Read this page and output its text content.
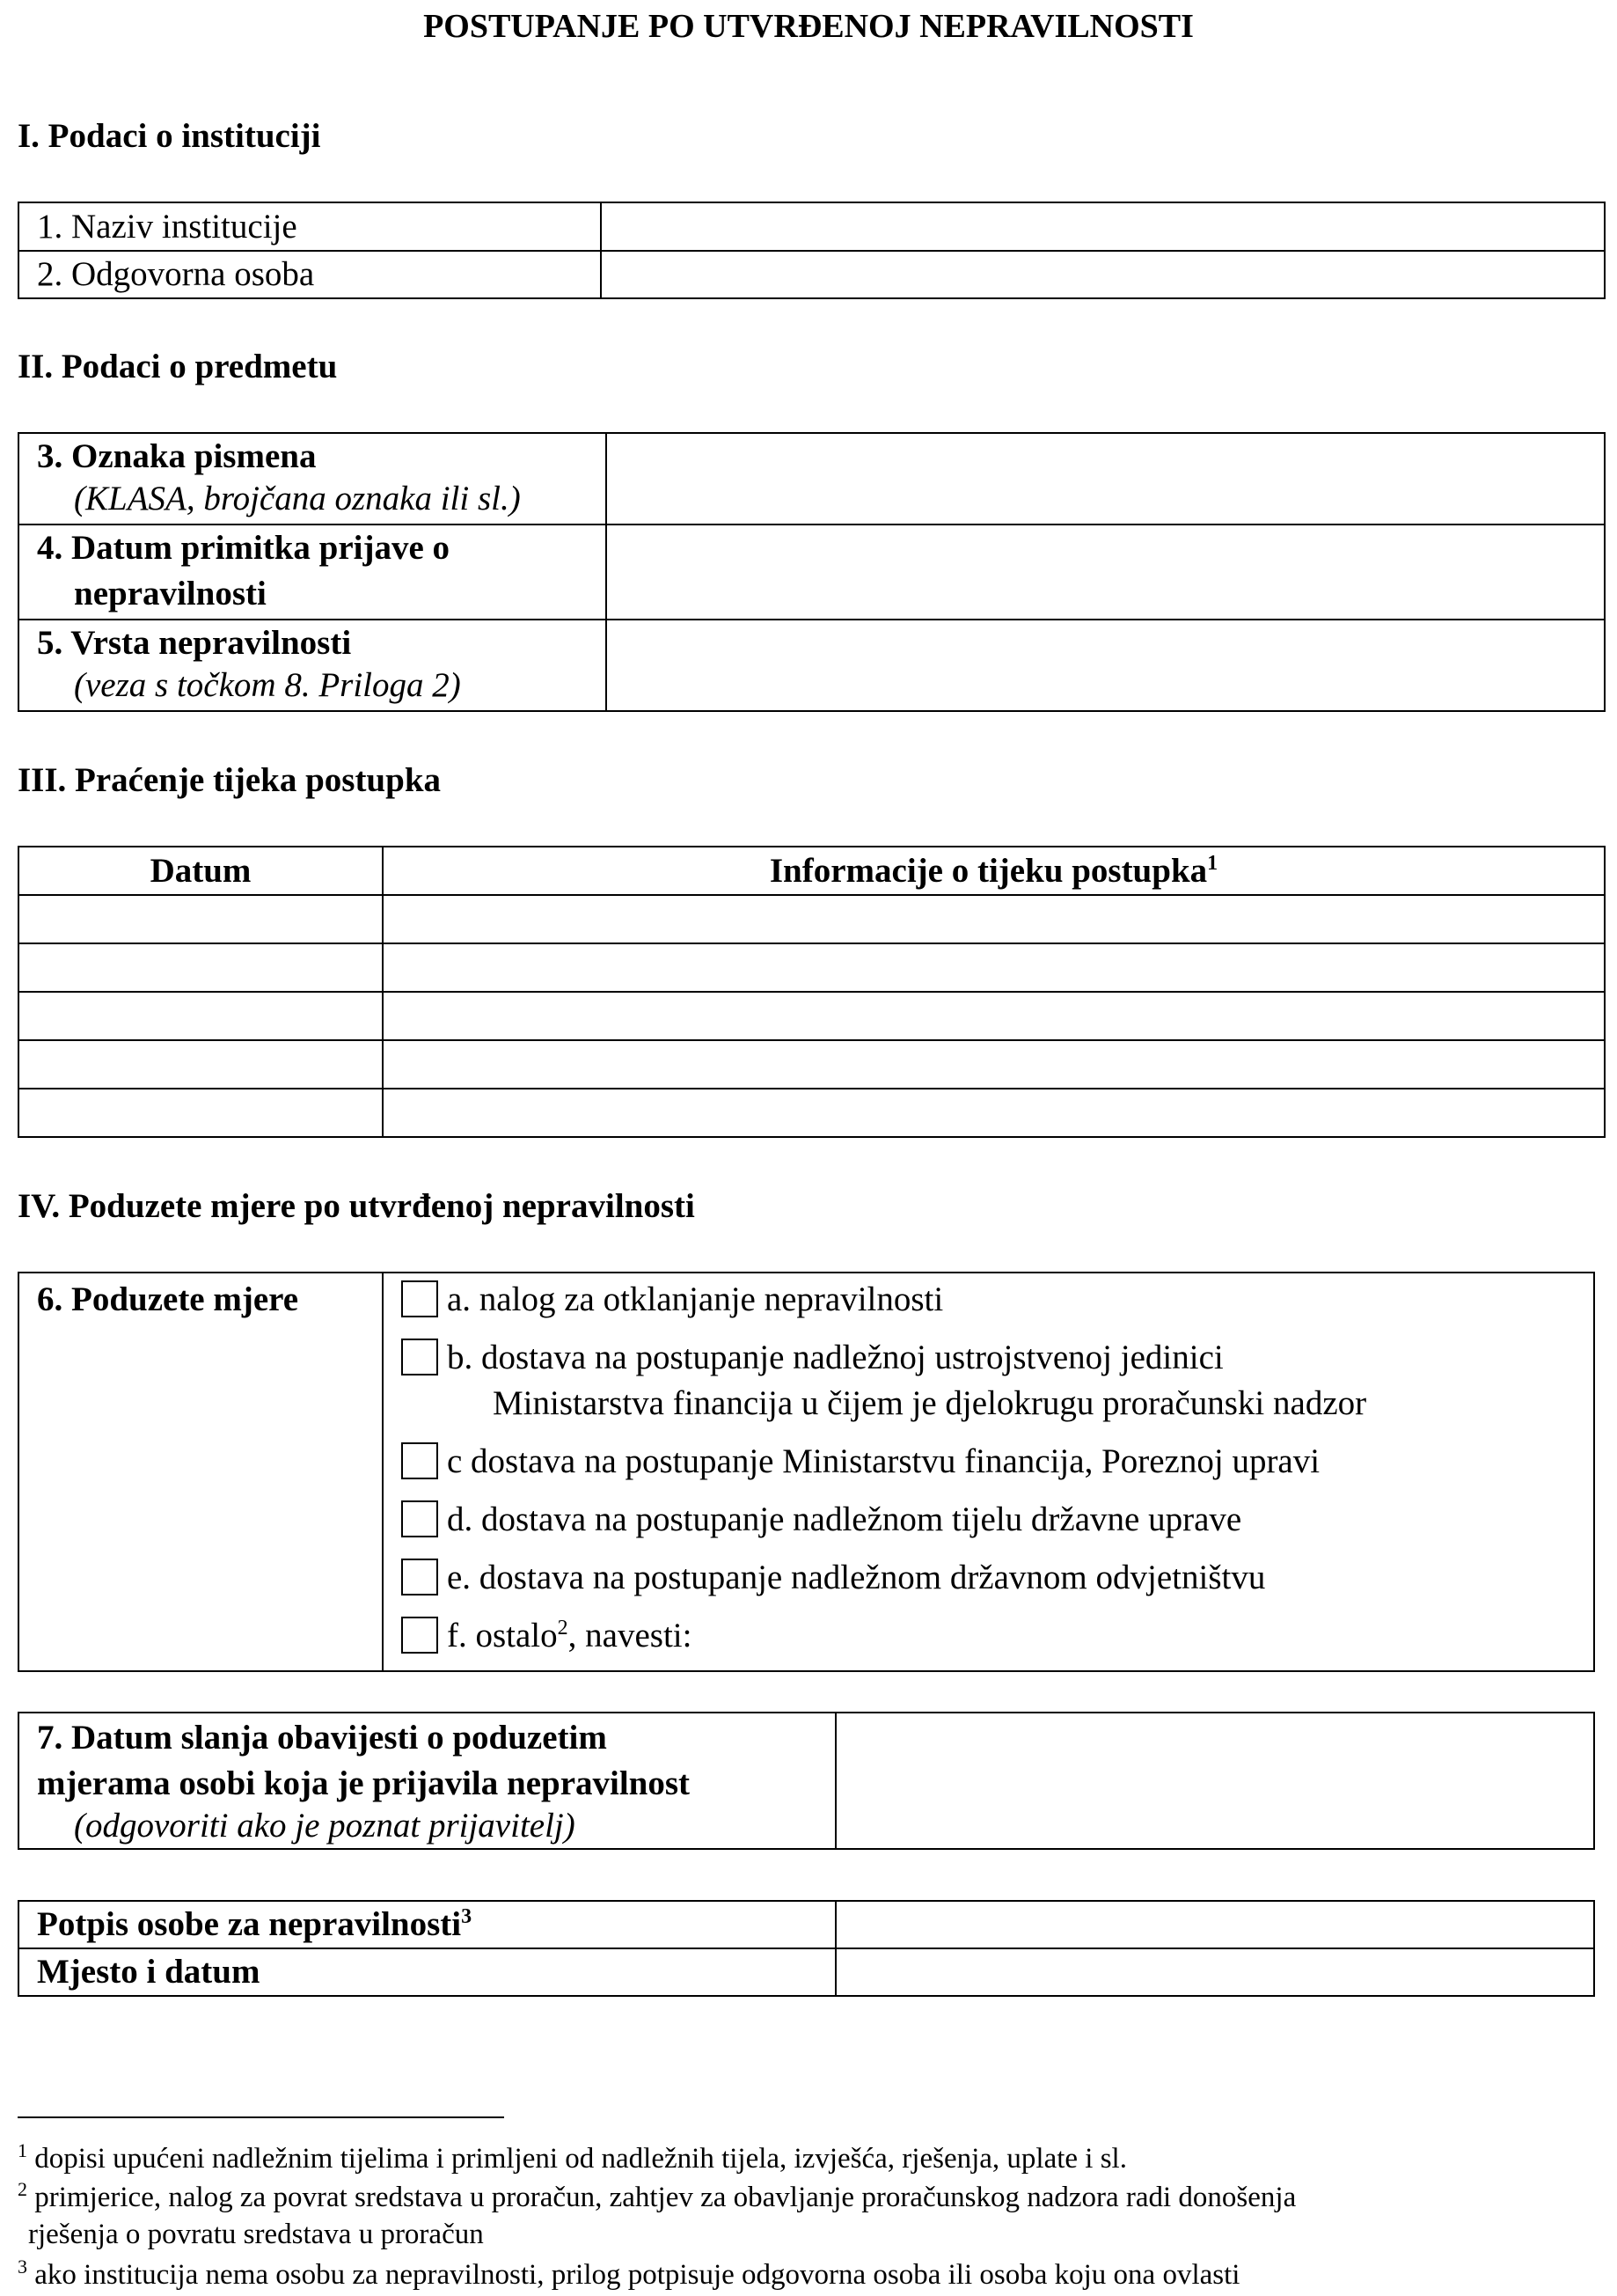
POSTUPANJE PO UTVRĐENOJ NEPRAVILNOSTI
I. Podaci o instituciji
1. Naziv institucije	
2. Odgovorna osoba	
II. Podaci o predmetu
3. Oznaka pismena
(KLASA, brojčana oznaka ili sl.)	

4. Datum primitka prijave o
nepravilnosti	

5. Vrsta nepravilnosti
(veza s točkom 8. Priloga 2)	

III. Praćenje tijeka postupka
Datum	Informacije o tijeku postupka$^1$

IV. Poduzete mjere po utvrđenoj nepravilnosti
6. Poduzete mjere	a. nalog za otklanjanje nepravilnosti
b. dostava na postupanje nadležnoj ustrojstvenoj jedinici
Ministarstva financija u čijem je djelokrugu proračunski nadzor
c dostava na postupanje Ministarstvu financija, Poreznoj upravi
d. dostava na postupanje nadležnom tijelu državne uprave
e. dostava na postupanje nadležnom državnom odvjetništvu
f. ostalo$^2$, navesti:
7. Datum slanja obavijesti o poduzetim
mjerama osobi koja je prijavila nepravilnost
(odgovoriti ako je poznat prijavitelj)

Potpis osobe za nepravilnosti$^3$	
Mjesto i datum	
$^1$ dopisi upućeni nadležnim tijelima i primljeni od nadležnih tijela, izvješća, rješenja, uplate i sl.
$^2$ primjerice, nalog za povrat sredstava u proračun, zahtjev za obavljanje proračunskog nadzora radi donošenja
rješenja o povratu sredstava u proračun
$^3$ ako institucija nema osobu za nepravilnosti, prilog potpisuje odgovorna osoba ili osoba koju ona ovlasti
